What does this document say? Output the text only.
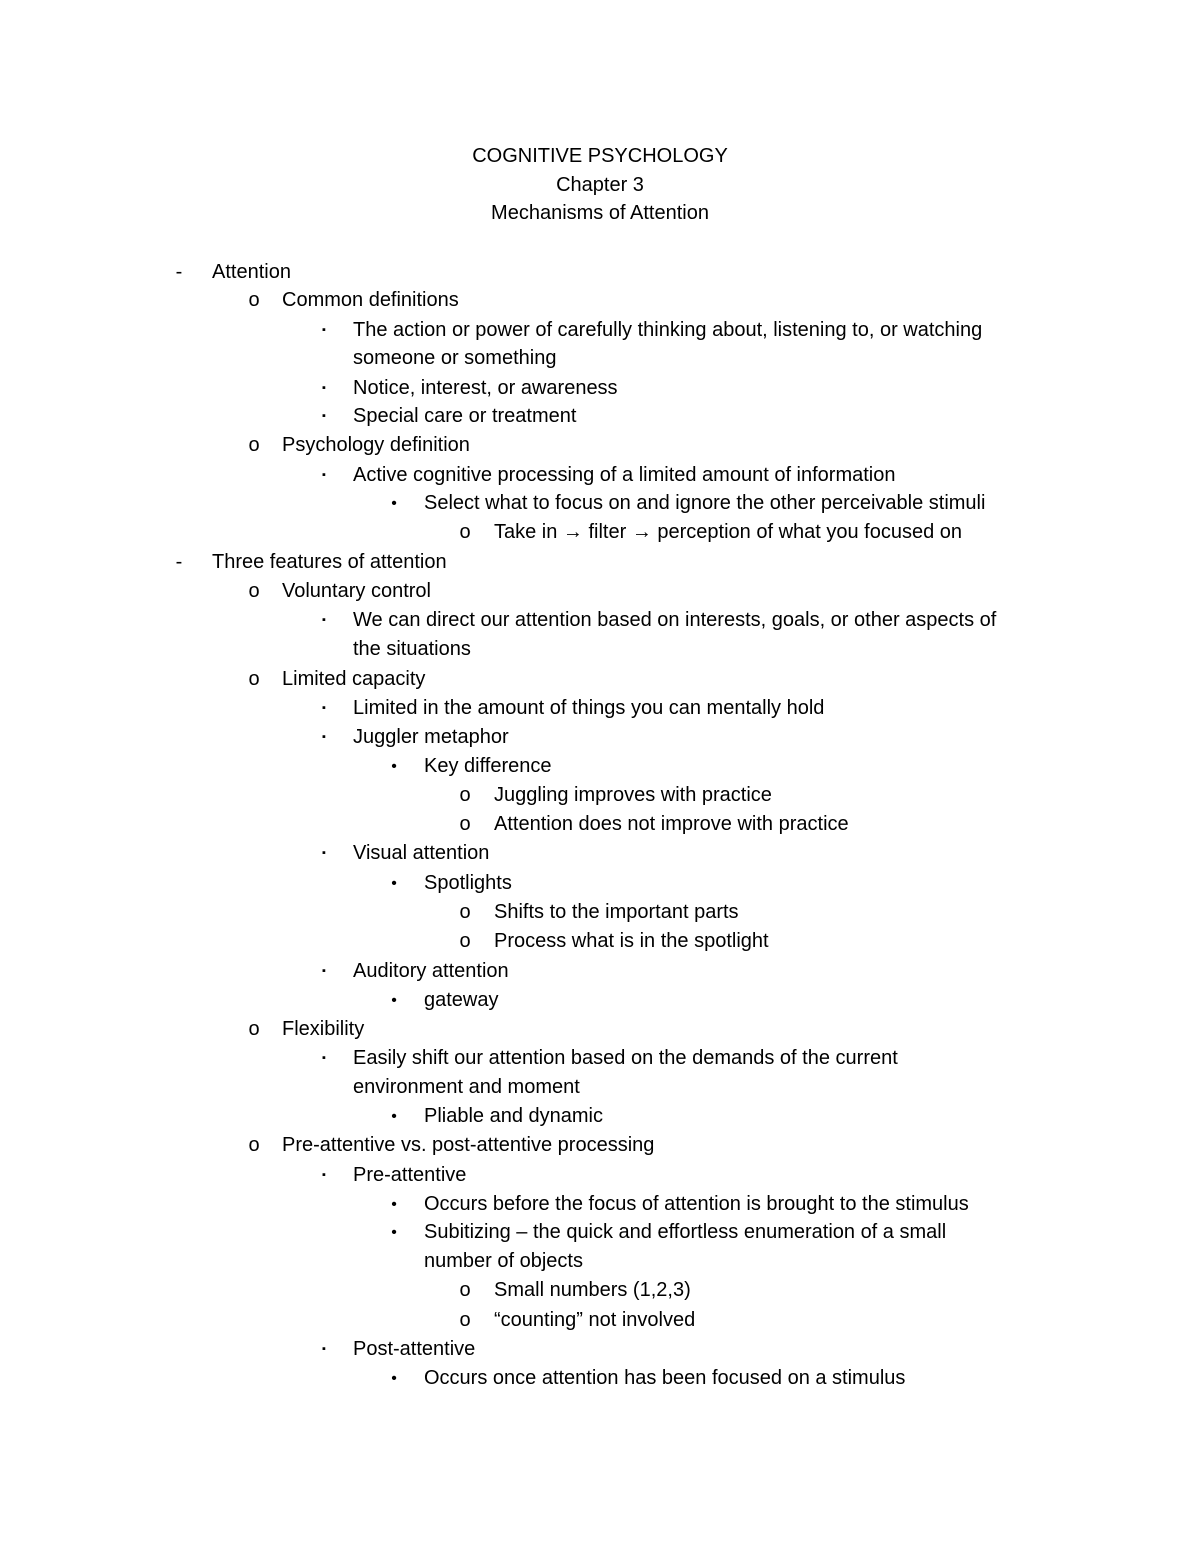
COGNITIVE PSYCHOLOGY
Chapter 3
Mechanisms of Attention
-	Attention
o Common definitions
▪	The action or power of carefully thinking about, listening to, or watching
someone or something
▪	Notice, interest, or awareness
▪	Special care or treatment
o Psychology definition
▪	Active cognitive processing of a limited amount of information
•	Select what to focus on and ignore the other perceivable stimuli
o Take in → filter → perception of what you focused on
-	Three features of attention
o Voluntary control
▪	We can direct our attention based on interests, goals, or other aspects of
the situations
o Limited capacity
▪	Limited in the amount of things you can mentally hold
▪	Juggler metaphor
•	Key difference
o Juggling improves with practice
o Attention does not improve with practice
▪	Visual attention
•	Spotlights
o Shifts to the important parts
o Process what is in the spotlight
▪	Auditory attention
•	gateway
o Flexibility
▪	Easily shift our attention based on the demands of the current
environment and moment
•	Pliable and dynamic
o Pre-attentive vs. post-attentive processing
▪	Pre-attentive
•	Occurs before the focus of attention is brought to the stimulus
•	Subitizing – the quick and effortless enumeration of a small
number of objects
o Small numbers (1,2,3)
o “counting” not involved
▪	Post-attentive
•	Occurs once attention has been focused on a stimulus
